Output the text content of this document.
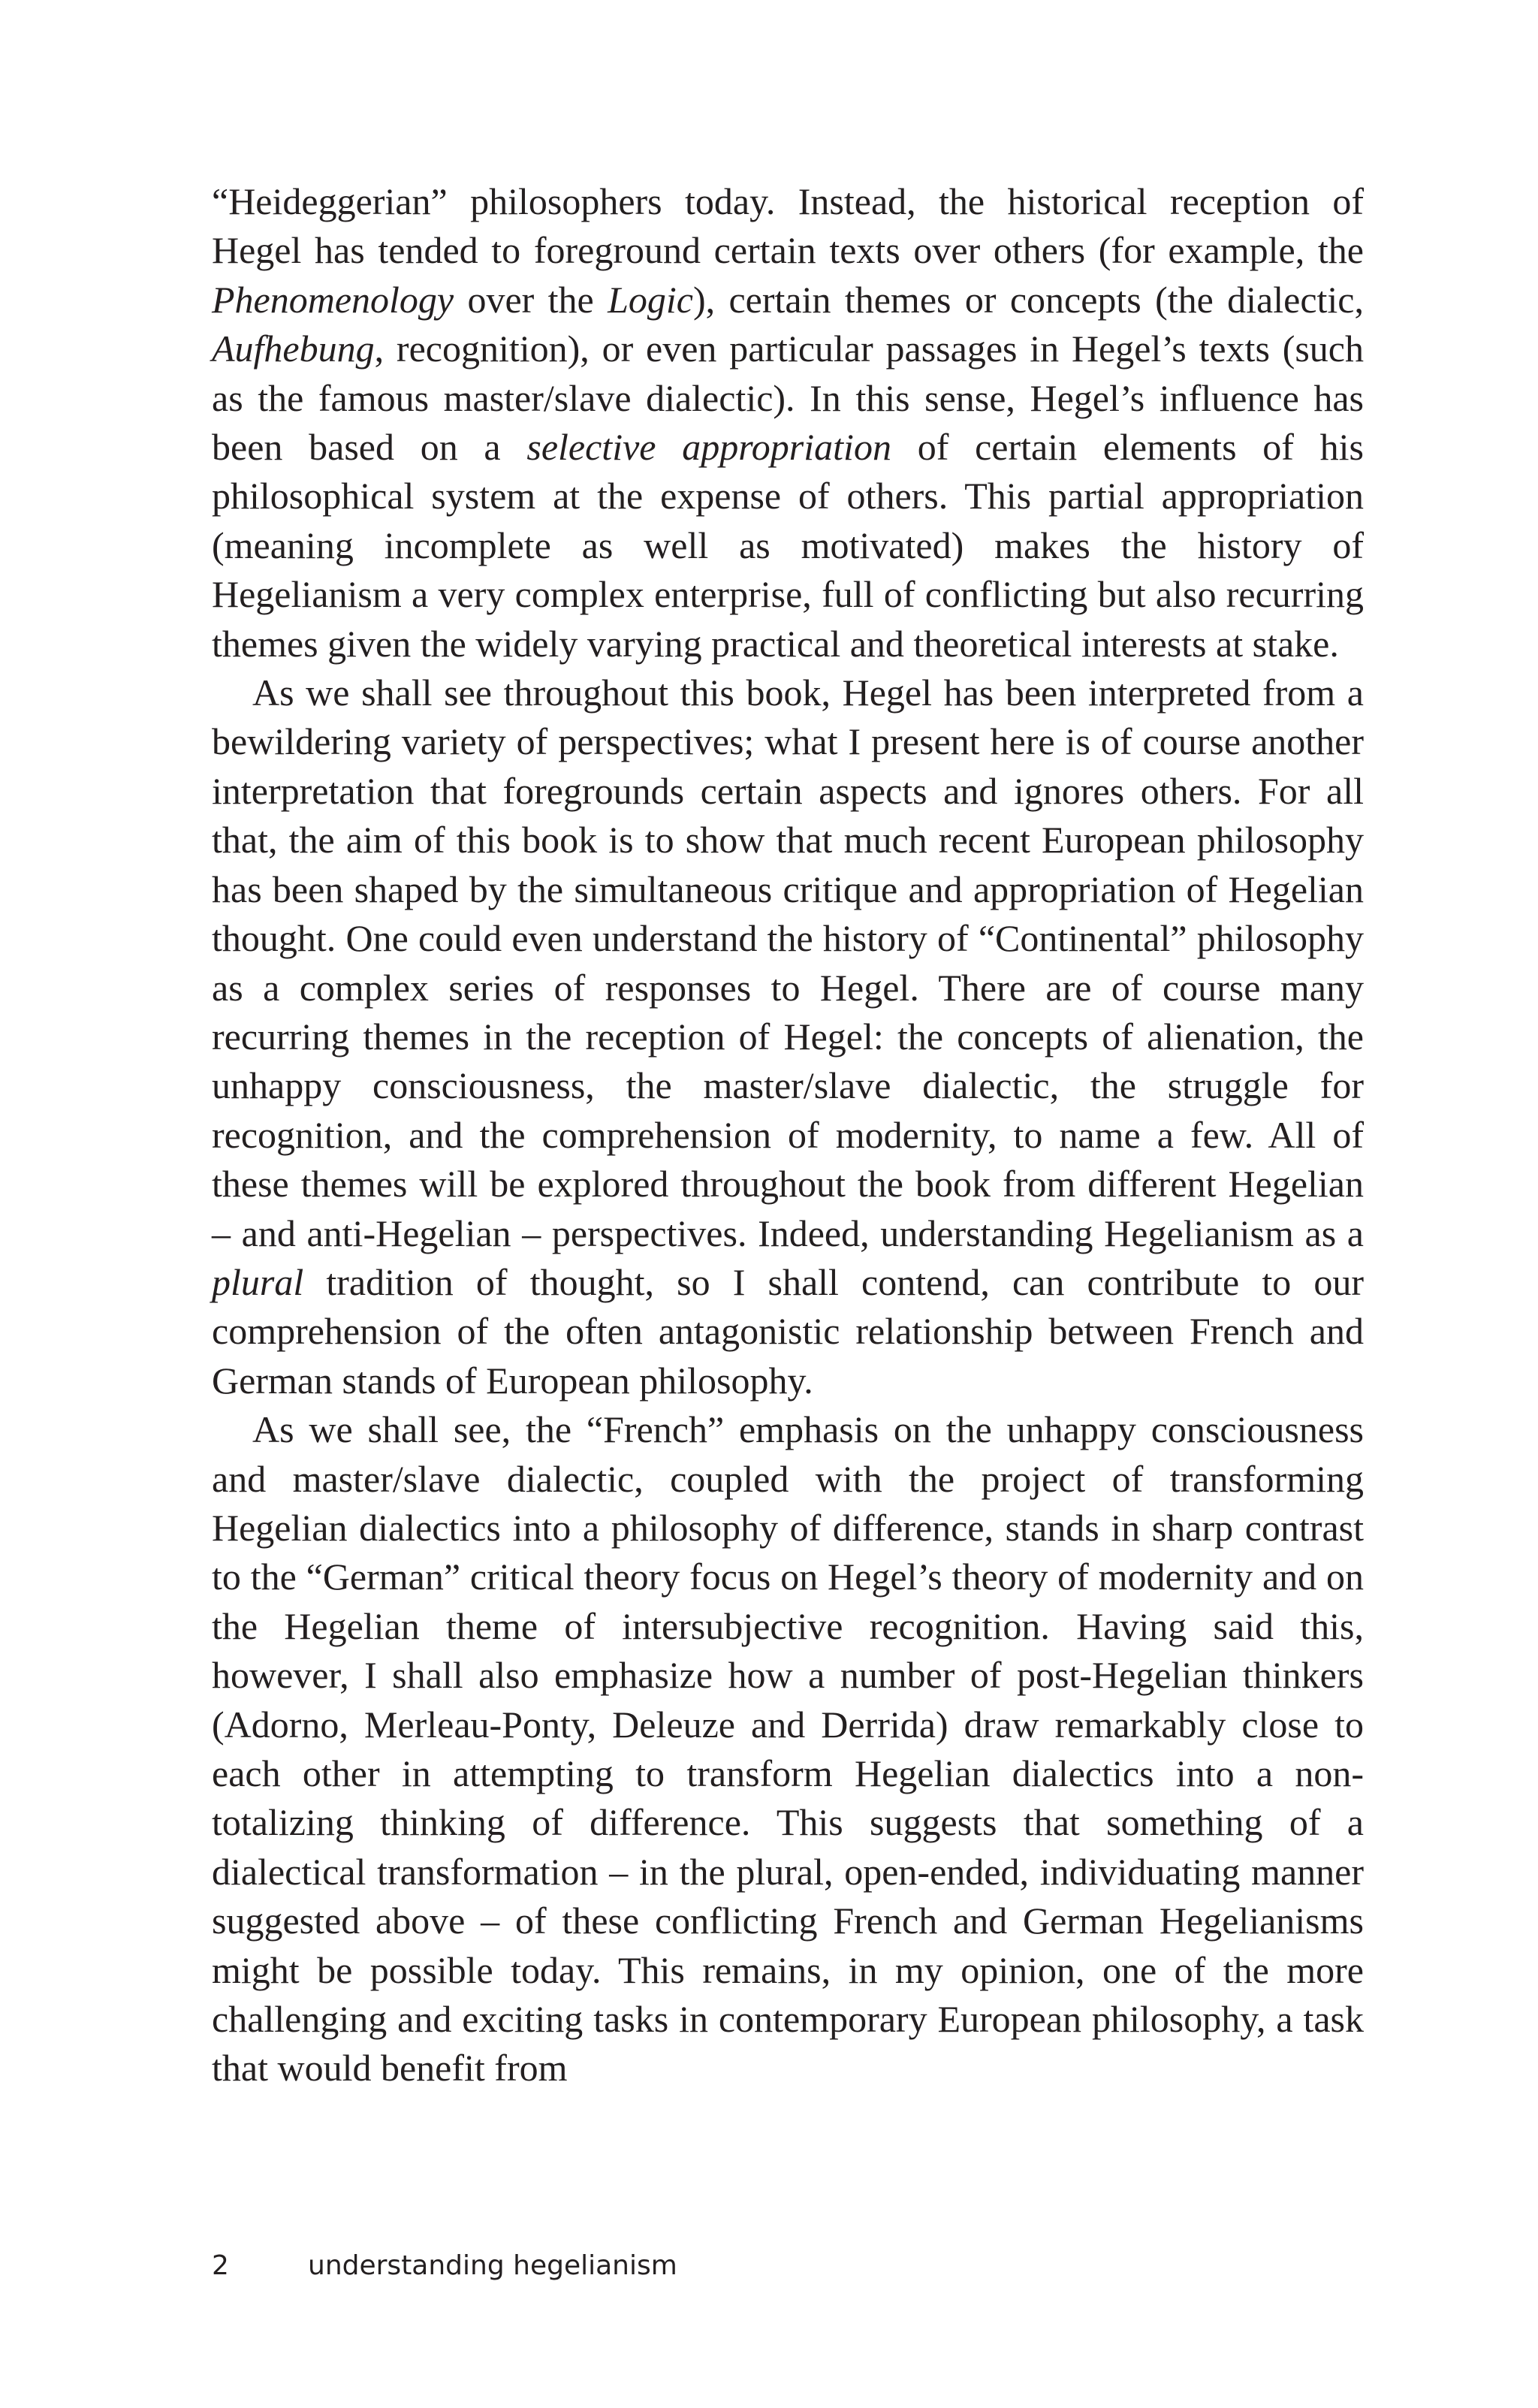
“Heideggerian” philosophers today. Instead, the historical reception of Hegel has tended to foreground certain texts over others (for example, the Phenomenology over the Logic), certain themes or concepts (the dialectic, Aufhebung, recognition), or even particular passages in Hegel’s texts (such as the famous master/slave dialectic). In this sense, Hegel’s influence has been based on a selective appropriation of certain elements of his philosophical system at the expense of others. This partial appropriation (meaning incomplete as well as motivated) makes the history of Hegelianism a very complex enterprise, full of conflicting but also recurring themes given the widely varying practical and theoretical interests at stake.

As we shall see throughout this book, Hegel has been interpreted from a bewildering variety of perspectives; what I present here is of course another interpretation that foregrounds certain aspects and ignores others. For all that, the aim of this book is to show that much recent European philosophy has been shaped by the simultaneous critique and appropriation of Hegelian thought. One could even understand the history of “Continental” philosophy as a complex series of responses to Hegel. There are of course many recurring themes in the reception of Hegel: the concepts of alienation, the unhappy consciousness, the master/slave dialectic, the struggle for recognition, and the comprehension of modernity, to name a few. All of these themes will be explored throughout the book from different Hegelian – and anti-Hegelian – perspectives. Indeed, understanding Hegelianism as a plural tradition of thought, so I shall contend, can contribute to our comprehension of the often antagonistic relationship between French and German stands of European philosophy.

As we shall see, the “French” emphasis on the unhappy consciousness and master/slave dialectic, coupled with the project of transforming Hegelian dialectics into a philosophy of difference, stands in sharp contrast to the “German” critical theory focus on Hegel’s theory of modernity and on the Hegelian theme of intersubjective recognition. Having said this, however, I shall also emphasize how a number of post-Hegelian thinkers (Adorno, Merleau-Ponty, Deleuze and Derrida) draw remarkably close to each other in attempting to transform Hegelian dialectics into a non-totalizing thinking of difference. This suggests that something of a dialectical transformation – in the plural, open-ended, individuating manner suggested above – of these conflicting French and German Hegelianisms might be possible today. This remains, in my opinion, one of the more challenging and exciting tasks in contemporary European philosophy, a task that would benefit from

2	understanding hegelianism
